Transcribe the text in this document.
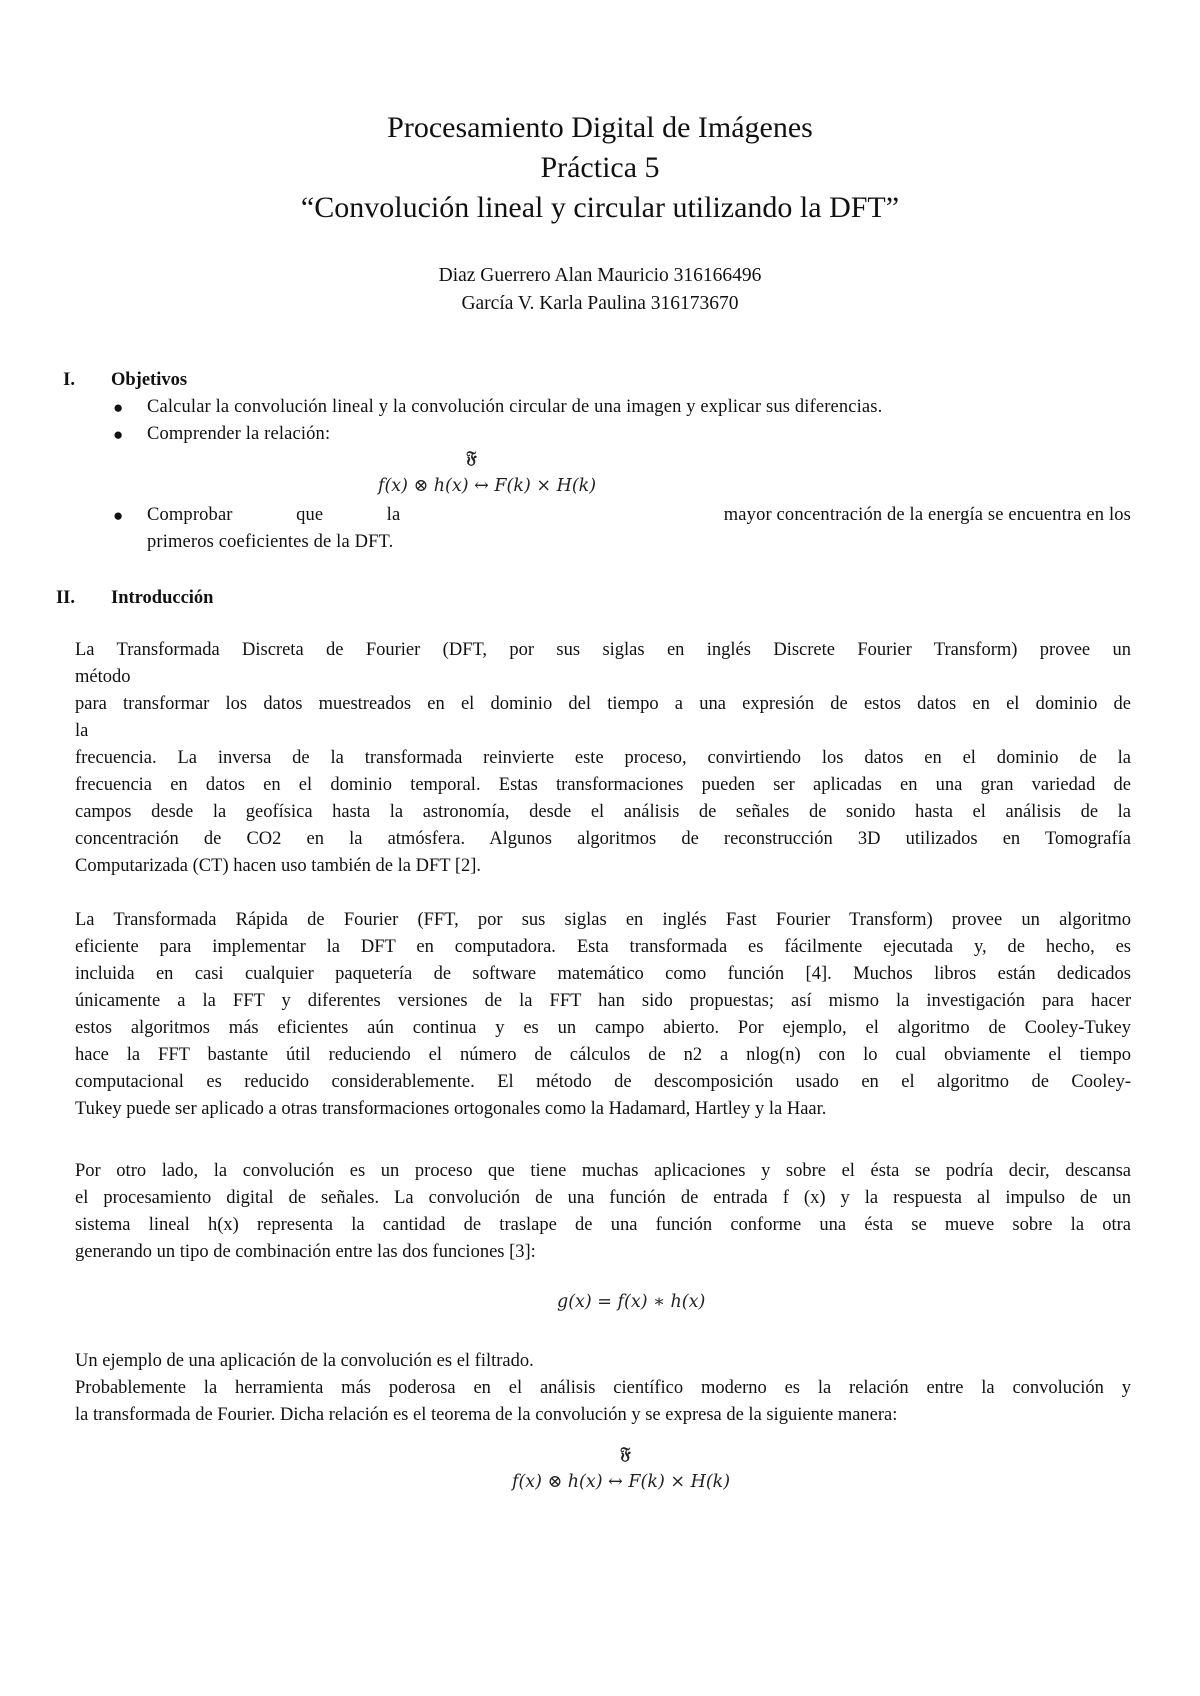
Procesamiento Digital de Imágenes
Práctica 5
“Convolución lineal y circular utilizando la DFT”
Diaz Guerrero Alan Mauricio 316166496
García V. Karla Paulina 316173670
I. Objetivos
● Calcular la convolución lineal y la convolución circular de una imagen y explicar sus diferencias.
● Comprender la relación:
𝔉
f(x) ⊗ h(x) ↔ F(k) × H(k)
● Comprobar	que	la	mayor concentración de la energía se encuentra en los
primeros coeficientes de la DFT.
II. Introducción
La Transformada Discreta de Fourier (DFT, por sus siglas en inglés Discrete Fourier Transform) provee un
método
para transformar los datos muestreados en el dominio del tiempo a una expresión de estos datos en el dominio de
la
frecuencia. La inversa de la transformada reinvierte este proceso, convirtiendo los datos en el dominio de la
frecuencia en datos en el dominio temporal. Estas transformaciones pueden ser aplicadas en una gran variedad de
campos desde la geofísica hasta la astronomía, desde el análisis de señales de sonido hasta el análisis de la
concentración de CO2 en la atmósfera. Algunos algoritmos de reconstrucción 3D utilizados en Tomografía
Computarizada (CT) hacen uso también de la DFT [2].
La Transformada Rápida de Fourier (FFT, por sus siglas en inglés Fast Fourier Transform) provee un algoritmo
eficiente para implementar la DFT en computadora. Esta transformada es fácilmente ejecutada y, de hecho, es
incluida en casi cualquier paquetería de software matemático como función [4]. Muchos libros están dedicados
únicamente a la FFT y diferentes versiones de la FFT han sido propuestas; así mismo la investigación para hacer
estos algoritmos más eficientes aún continua y es un campo abierto. Por ejemplo, el algoritmo de Cooley-Tukey
hace la FFT bastante útil reduciendo el número de cálculos de n2 a nlog(n) con lo cual obviamente el tiempo
computacional es reducido considerablemente. El método de descomposición usado en el algoritmo de Cooley-
Tukey puede ser aplicado a otras transformaciones ortogonales como la Hadamard, Hartley y la Haar.
Por otro lado, la convolución es un proceso que tiene muchas aplicaciones y sobre el ésta se podría decir, descansa
el procesamiento digital de señales. La convolución de una función de entrada f (x) y la respuesta al impulso de un
sistema lineal h(x) representa la cantidad de traslape de una función conforme una ésta se mueve sobre la otra
generando un tipo de combinación entre las dos funciones [3]:
g(x) = f(x) ∗ h(x)
Un ejemplo de una aplicación de la convolución es el filtrado.
Probablemente la herramienta más poderosa en el análisis científico moderno es la relación entre la convolución y
la transformada de Fourier. Dicha relación es el teorema de la convolución y se expresa de la siguiente manera:
𝔉
f(x) ⊗ h(x) ↔ F(k) × H(k)
